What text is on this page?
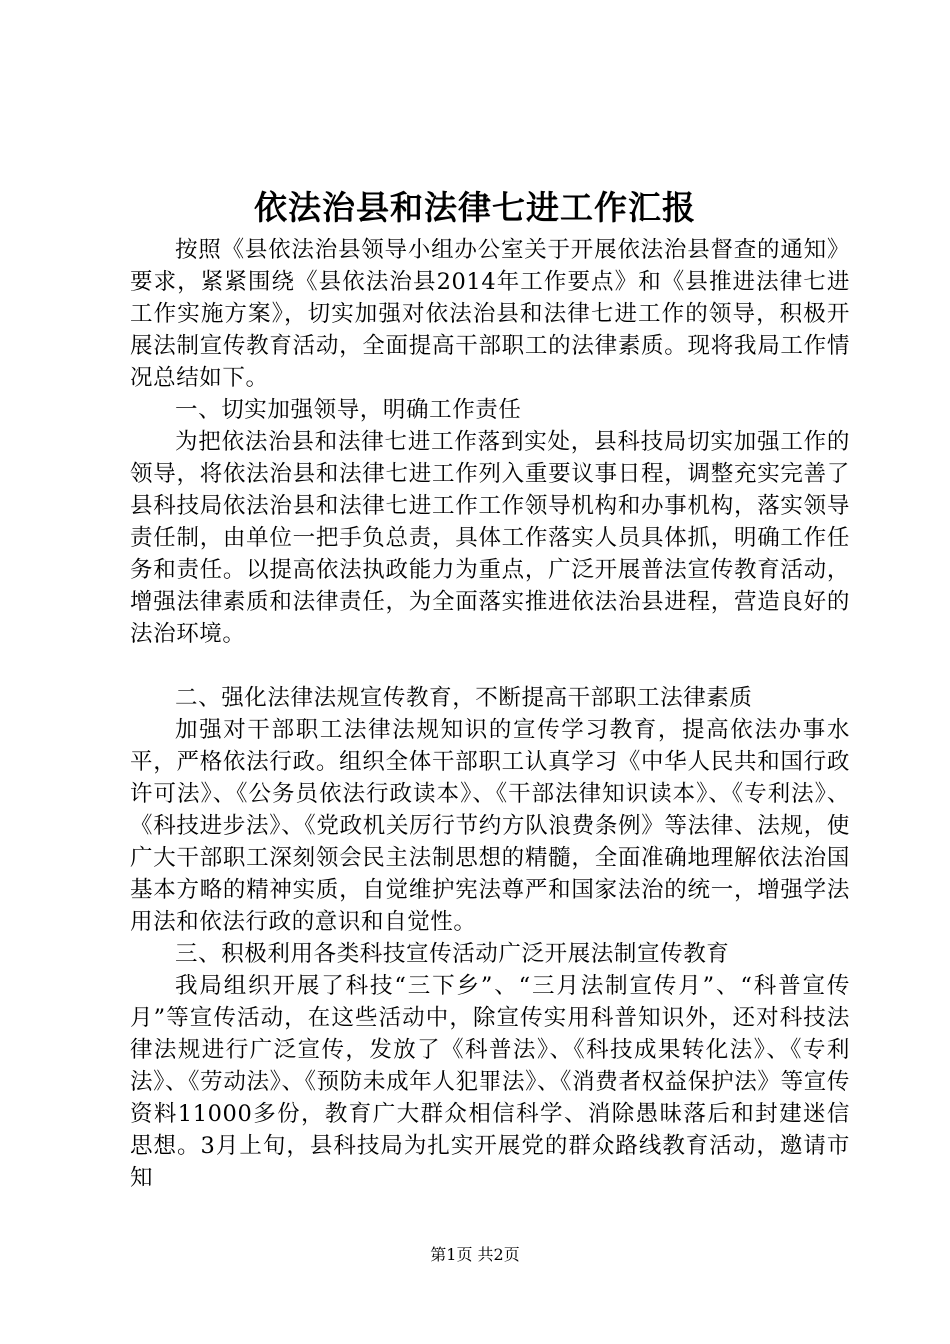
依法治县和法律七进工作汇报

按照《县依法治县领导小组办公室关于开展依法治县督查的通知》要求，紧紧围绕《县依法治县2014年工作要点》和《县推进法律七进工作实施方案》，切实加强对依法治县和法律七进工作的领导，积极开展法制宣传教育活动，全面提高干部职工的法律素质。现将我局工作情况总结如下。

一、切实加强领导，明确工作责任

为把依法治县和法律七进工作落到实处，县科技局切实加强工作的领导，将依法治县和法律七进工作列入重要议事日程，调整充实完善了县科技局依法治县和法律七进工作工作领导机构和办事机构，落实领导责任制，由单位一把手负总责，具体工作落实人员具体抓，明确工作任务和责任。以提高依法执政能力为重点，广泛开展普法宣传教育活动，增强法律素质和法律责任，为全面落实推进依法治县进程，营造良好的法治环境。

二、强化法律法规宣传教育，不断提高干部职工法律素质

加强对干部职工法律法规知识的宣传学习教育，提高依法办事水平，严格依法行政。组织全体干部职工认真学习《中华人民共和国行政许可法》、《公务员依法行政读本》、《干部法律知识读本》、《专利法》、《科技进步法》、《党政机关厉行节约方队浪费条例》等法律、法规，使广大干部职工深刻领会民主法制思想的精髓，全面准确地理解依法治国基本方略的精神实质，自觉维护宪法尊严和国家法治的统一，增强学法用法和依法行政的意识和自觉性。

三、积极利用各类科技宣传活动广泛开展法制宣传教育

我局组织开展了科技“三下乡”、“三月法制宣传月”、“科普宣传月”等宣传活动，在这些活动中，除宣传实用科普知识外，还对科技法律法规进行广泛宣传，发放了《科普法》、《科技成果转化法》、《专利法》、《劳动法》、《预防未成年人犯罪法》、《消费者权益保护法》等宣传资料11000多份，教育广大群众相信科学、消除愚昧落后和封建迷信思想。3月上旬，县科技局为扎实开展党的群众路线教育活动，邀请市知

第1页 共2页
